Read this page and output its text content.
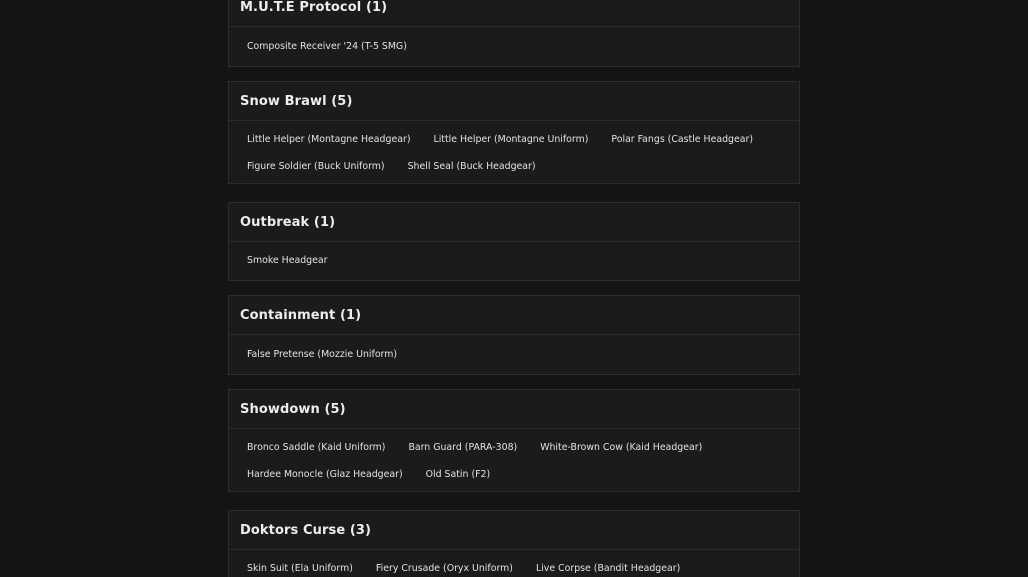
M.U.T.E Protocol (1)
Composite Receiver '24 (T-5 SMG)
Snow Brawl (5)
Little Helper (Montagne Headgear) Little Helper (Montagne Uniform) Polar Fangs (Castle Headgear)
Figure Soldier (Buck Uniform) Shell Seal (Buck Headgear)
Outbreak (1)
Smoke Headgear
Containment (1)
False Pretense (Mozzie Uniform)
Showdown (5)
Bronco Saddle (Kaid Uniform) Barn Guard (PARA-308) White-Brown Cow (Kaid Headgear)
Hardee Monocle (Glaz Headgear) Old Satin (F2)
Doktors Curse (3)
Skin Suit (Ela Uniform) Fiery Crusade (Oryx Uniform) Live Corpse (Bandit Headgear)
